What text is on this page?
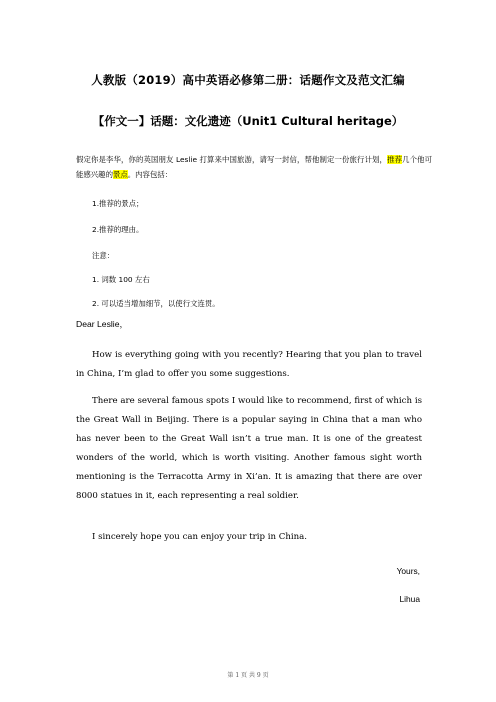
人教版（2019）高中英语必修第二册：话题作文及范文汇编
【作文一】话题：文化遗迹（Unit1 Cultural heritage）
假定你是李华，你的英国朋友 Leslie 打算来中国旅游，请写一封信，帮他制定一份旅行计划，推荐几个他可能感兴趣的景点。内容包括：
1.推荐的景点；
2.推荐的理由。
注意：
1. 词数 100 左右
2. 可以适当增加细节，以使行文连贯。
Dear Leslie，
How is everything going with you recently? Hearing that you plan to travel in China, I’m glad to offer you some suggestions.
There are several famous spots I would like to recommend, first of which is the Great Wall in Beijing. There is a popular saying in China that a man who has never been to the Great Wall isn’t a true man. It is one of the greatest wonders of the world, which is worth visiting. Another famous sight worth mentioning is the Terracotta Army in Xi’an. It is amazing that there are over 8000 statues in it, each representing a real soldier.
I sincerely hope you can enjoy your trip in China.
Yours,
Lihua
第 1 页 共 9 页
